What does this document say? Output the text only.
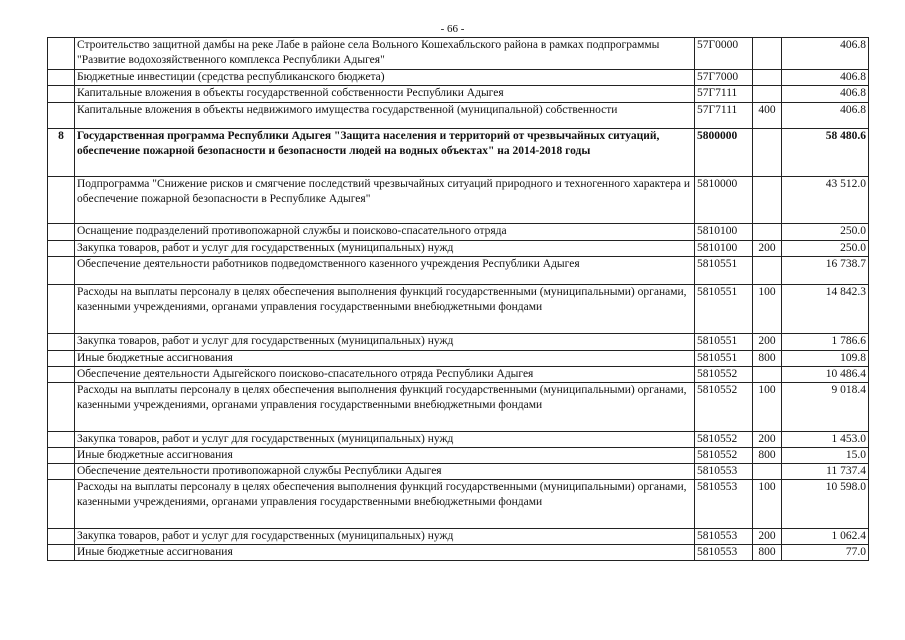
- 66 -
	Строительство защитной дамбы на реке Лабе в районе села Вольного Кошехабльского района в рамках подпрограммы "Развитие водохозяйственного комплекса Республики Адыгея"	57Г0000		406.8
	Бюджетные инвестиции (средства республиканского бюджета)	57Г7000		406.8
	Капитальные вложения в объекты государственной собственности Республики Адыгея	57Г7111		406.8
	Капитальные вложения в объекты недвижимого имущества государственной (муниципальной) собственности	57Г7111	400	406.8
8	Государственная программа Республики Адыгея "Защита населения и территорий от чрезвычайных ситуаций, обеспечение пожарной безопасности и безопасности людей на водных объектах" на 2014-2018 годы	5800000		58 480.6
	Подпрограмма "Снижение рисков и смягчение последствий чрезвычайных ситуаций природного и техногенного характера и обеспечение пожарной безопасности в Республике Адыгея"	5810000		43 512.0
	Оснащение подразделений противопожарной службы и поисково-спасательного отряда	5810100		250.0
	Закупка товаров, работ и услуг для государственных (муниципальных) нужд	5810100	200	250.0
	Обеспечение деятельности работников подведомственного казенного учреждения Республики Адыгея	5810551		16 738.7
	Расходы на выплаты персоналу в целях обеспечения выполнения функций государственными (муниципальными) органами, казенными учреждениями, органами управления государственными внебюджетными фондами	5810551	100	14 842.3
	Закупка товаров, работ и услуг для государственных (муниципальных) нужд	5810551	200	1 786.6
	Иные бюджетные ассигнования	5810551	800	109.8
	Обеспечение деятельности Адыгейского поисково-спасательного отряда Республики Адыгея	5810552		10 486.4
	Расходы на выплаты персоналу в целях обеспечения выполнения функций государственными (муниципальными) органами, казенными учреждениями, органами управления государственными внебюджетными фондами	5810552	100	9 018.4
	Закупка товаров, работ и услуг для государственных (муниципальных) нужд	5810552	200	1 453.0
	Иные бюджетные ассигнования	5810552	800	15.0
	Обеспечение деятельности противопожарной службы Республики Адыгея	5810553		11 737.4
	Расходы на выплаты персоналу в целях обеспечения выполнения функций государственными (муниципальными) органами, казенными учреждениями, органами управления государственными внебюджетными фондами	5810553	100	10 598.0
	Закупка товаров, работ и услуг для государственных (муниципальных) нужд	5810553	200	1 062.4
	Иные бюджетные ассигнования	5810553	800	77.0
